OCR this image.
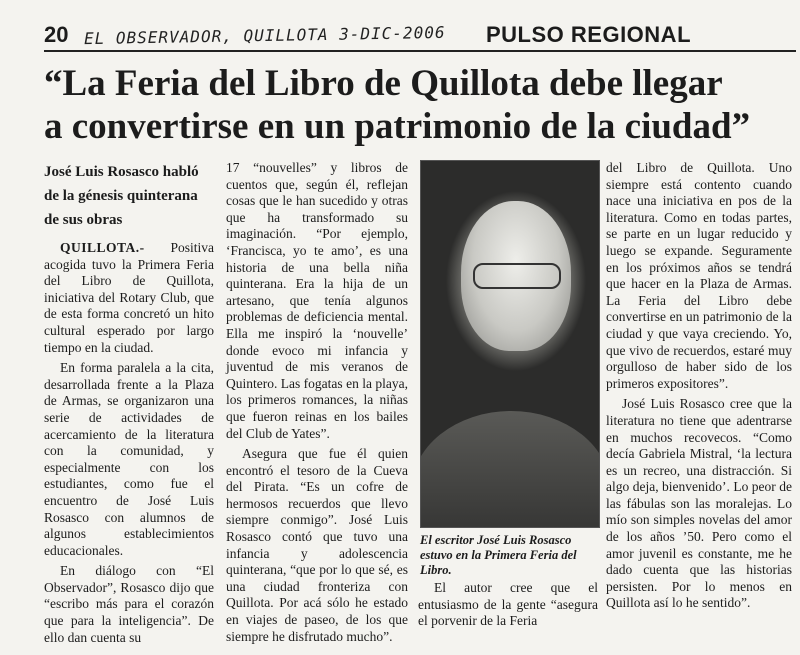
20 EL OBSERVADOR, QUILLOTA 3-DIC-2006 PULSO REGIONAL
“La Feria del Libro de Quillota debe llegar
a convertirse en un patrimonio de la ciudad”

José Luis Rosasco habló de la génesis quinterana de sus obras

QUILLOTA.- Positiva acogida tuvo la Primera Feria del Libro de Quillota, iniciativa del Rotary Club, que de esta forma concretó un hito cultural esperado por largo tiempo en la ciudad.

En forma paralela a la cita, desarrollada frente a la Plaza de Armas, se organizaron una serie de actividades de acercamiento de la literatura con la comunidad, y especialmente con los estudiantes, como fue el encuentro de José Luis Rosasco con alumnos de algunos establecimientos educacionales.

En diálogo con “El Observador”, Rosasco dijo que “escribo más para el corazón que para la inteligencia”. De ello dan cuenta su

17 “nouvelles” y libros de cuentos que, según él, reflejan cosas que le han sucedido y otras que ha transformado su imaginación. “Por ejemplo, ‘Francisca, yo te amo’, es una historia de una bella niña quinterana. Era la hija de un artesano, que tenía algunos problemas de deficiencia mental. Ella me inspiró la ‘nouvelle’ donde evoco mi infancia y juventud de mis veranos de Quintero. Las fogatas en la playa, los primeros romances, la niñas que fueron reinas en los bailes del Club de Yates”.

Asegura que fue él quien encontró el tesoro de la Cueva del Pirata. “Es un cofre de hermosos recuerdos que llevo siempre conmigo”. José Luis Rosasco contó que tuvo una infancia y adolescencia quinterana, “que por lo que sé, es una ciudad fronteriza con Quillota. Por acá sólo he estado en viajes de paseo, de los que siempre he disfrutado mucho”.

El escritor José Luis Rosasco estuvo en la Primera Feria del Libro.

El autor cree que el entusiasmo de la gente “asegura el porvenir de la Feria

del Libro de Quillota. Uno siempre está contento cuando nace una iniciativa en pos de la literatura. Como en todas partes, se parte en un lugar reducido y luego se expande. Seguramente en los próximos años se tendrá que hacer en la Plaza de Armas. La Feria del Libro debe convertirse en un patrimonio de la ciudad y que vaya creciendo. Yo, que vivo de recuerdos, estaré muy orgulloso de haber sido de los primeros expositores”.

José Luis Rosasco cree que la literatura no tiene que adentrarse en muchos recovecos. “Como decía Gabriela Mistral, ‘la lectura es un recreo, una distracción. Si algo deja, bienvenido’. Lo peor de las fábulas son las moralejas. Lo mío son simples novelas del amor de los años ’50. Pero como el amor juvenil es constante, me he dado cuenta que las historias persisten. Por lo menos en Quillota así lo he sentido”.
